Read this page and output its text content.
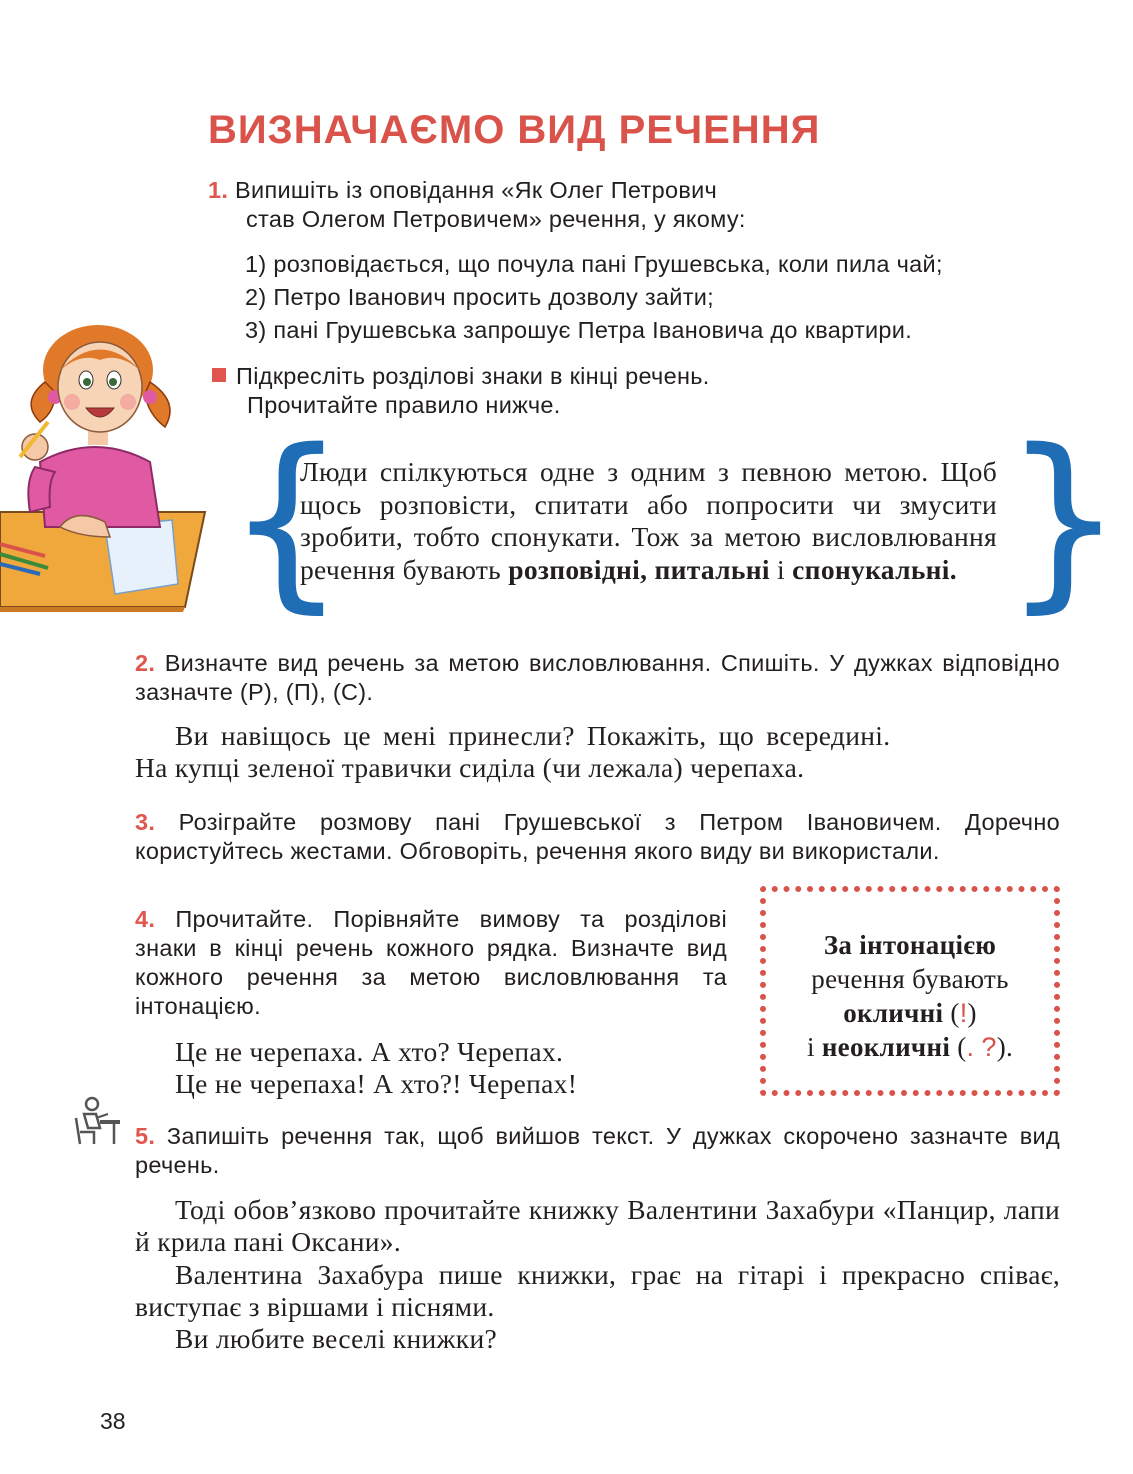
ВИЗНАЧАЄМО ВИД РЕЧЕННЯ
1. Випишіть із оповідання «Як Олег Петрович
став Олегом Петровичем» речення, у якому:
1) розповідається, що почула пані Грушевська, коли пила чай;
2) Петро Іванович просить дозволу зайти;
3) пані Грушевська запрошує Петра Івановича до квартири.
Підкресліть розділові знаки в кінці речень.
Прочитайте правило нижче.
{	}
Люди спілкуються одне з одним з певною метою. Щоб щось розповісти, спитати або попросити чи змусити зробити, тобто спонукати. Тож за метою висловлювання речення бувають розповідні, питальні і спонукальні.
2. Визначте вид речень за метою висловлювання. Спишіть. У дужках відповідно зазначте (Р), (П), (С).
Ви навіщось це мені принесли? Покажіть, що всередині.
На купці зеленої травички сиділа (чи лежала) черепаха.
3. Розіграйте розмову пані Грушевської з Петром Івановичем. Доречно користуйтесь жестами. Обговоріть, речення якого виду ви використали.
4. Прочитайте. Порівняйте вимову та розділові знаки в кінці речень кожного рядка. Визначте вид кожного речення за метою висловлювання та інтонацією.
Це не черепаха. А хто? Черепах.
Це не черепаха! А хто?! Черепах!
За інтонацією
речення бувають
окличні (!)
і неокличні (. ?).
5. Запишіть речення так, щоб вийшов текст. У дужках скорочено зазначте вид речень.
Тоді обов’язково прочитайте книжку Валентини Захабури «Панцир, лапи й крила пані Оксани».
Валентина Захабура пише книжки, грає на гітарі і прекрасно співає, виступає з віршами і піснями.
Ви любите веселі книжки?
38
